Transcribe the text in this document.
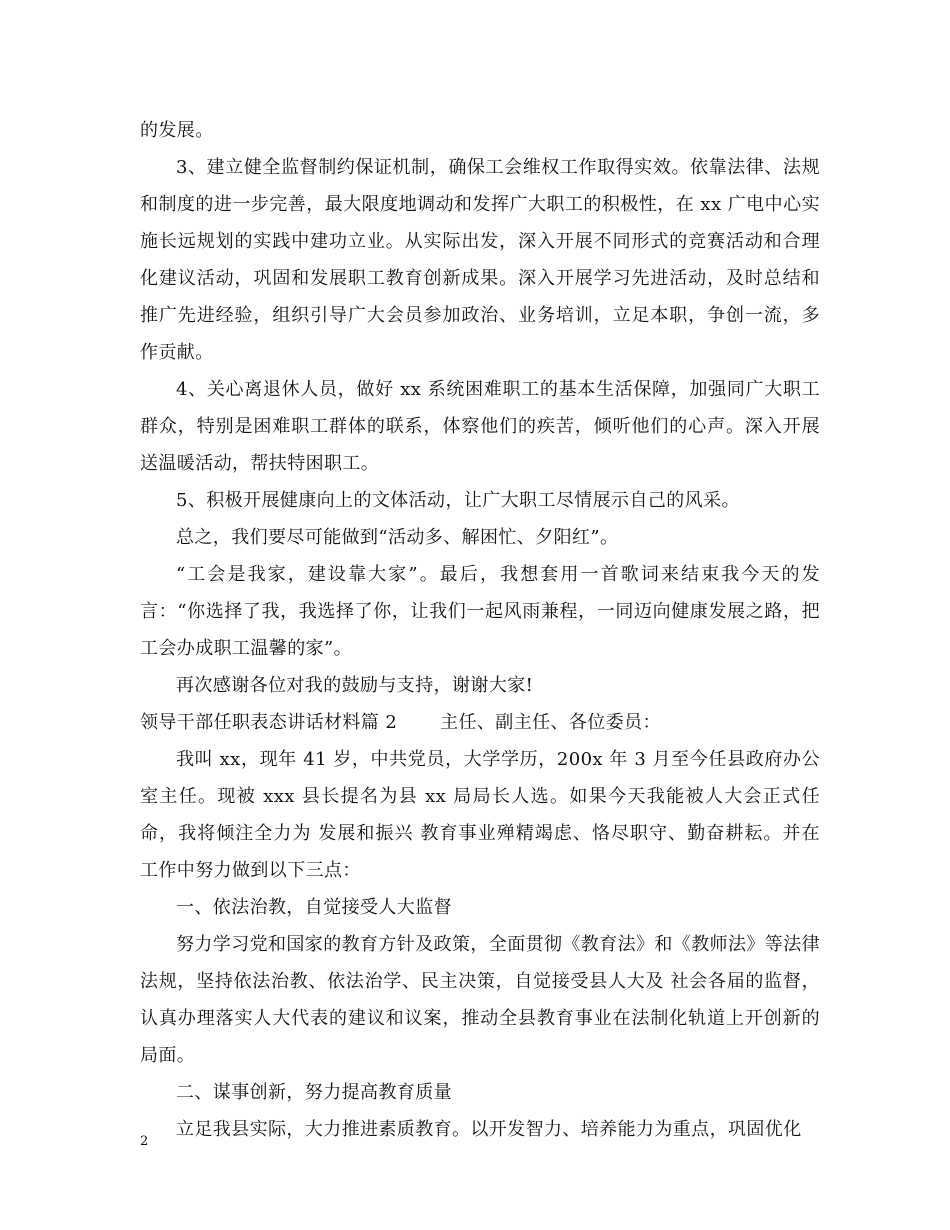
的发展。

3、建立健全监督制约保证机制，确保工会维权工作取得实效。依靠法律、法规和制度的进一步完善，最大限度地调动和发挥广大职工的积极性，在 xx 广电中心实施长远规划的实践中建功立业。从实际出发，深入开展不同形式的竞赛活动和合理化建议活动，巩固和发展职工教育创新成果。深入开展学习先进活动，及时总结和推广先进经验，组织引导广大会员参加政治、业务培训，立足本职，争创一流，多作贡献。

4、关心离退休人员，做好 xx 系统困难职工的基本生活保障，加强同广大职工群众，特别是困难职工群体的联系，体察他们的疾苦，倾听他们的心声。深入开展送温暖活动，帮扶特困职工。

5、积极开展健康向上的文体活动，让广大职工尽情展示自己的风采。

总之，我们要尽可能做到“活动多、解困忙、夕阳红”。

“工会是我家，建设靠大家”。最后，我想套用一首歌词来结束我今天的发言：“你选择了我，我选择了你，让我们一起风雨兼程，一同迈向健康发展之路，把工会办成职工温馨的家”。

再次感谢各位对我的鼓励与支持，谢谢大家!

领导干部任职表态讲话材料篇 2　　 主任、副主任、各位委员：

我叫 xx，现年 41 岁，中共党员，大学学历，200x 年 3 月至今任县政府办公室主任。现被 xxx 县长提名为县 xx 局局长人选。如果今天我能被人大会正式任命，我将倾注全力为 发展和振兴 教育事业殚精竭虑、恪尽职守、勤奋耕耘。并在 工作中努力做到以下三点：

一、依法治教，自觉接受人大监督

努力学习党和国家的教育方针及政策，全面贯彻《教育法》和《教师法》等法律法规，坚持依法治教、依法治学、民主决策，自觉接受县人大及 社会各届的监督，认真办理落实人大代表的建议和议案，推动全县教育事业在法制化轨道上开创新的局面。

二、谋事创新，努力提高教育质量

立足我县实际，大力推进素质教育。以开发智力、培养能力为重点，巩固优化

2
